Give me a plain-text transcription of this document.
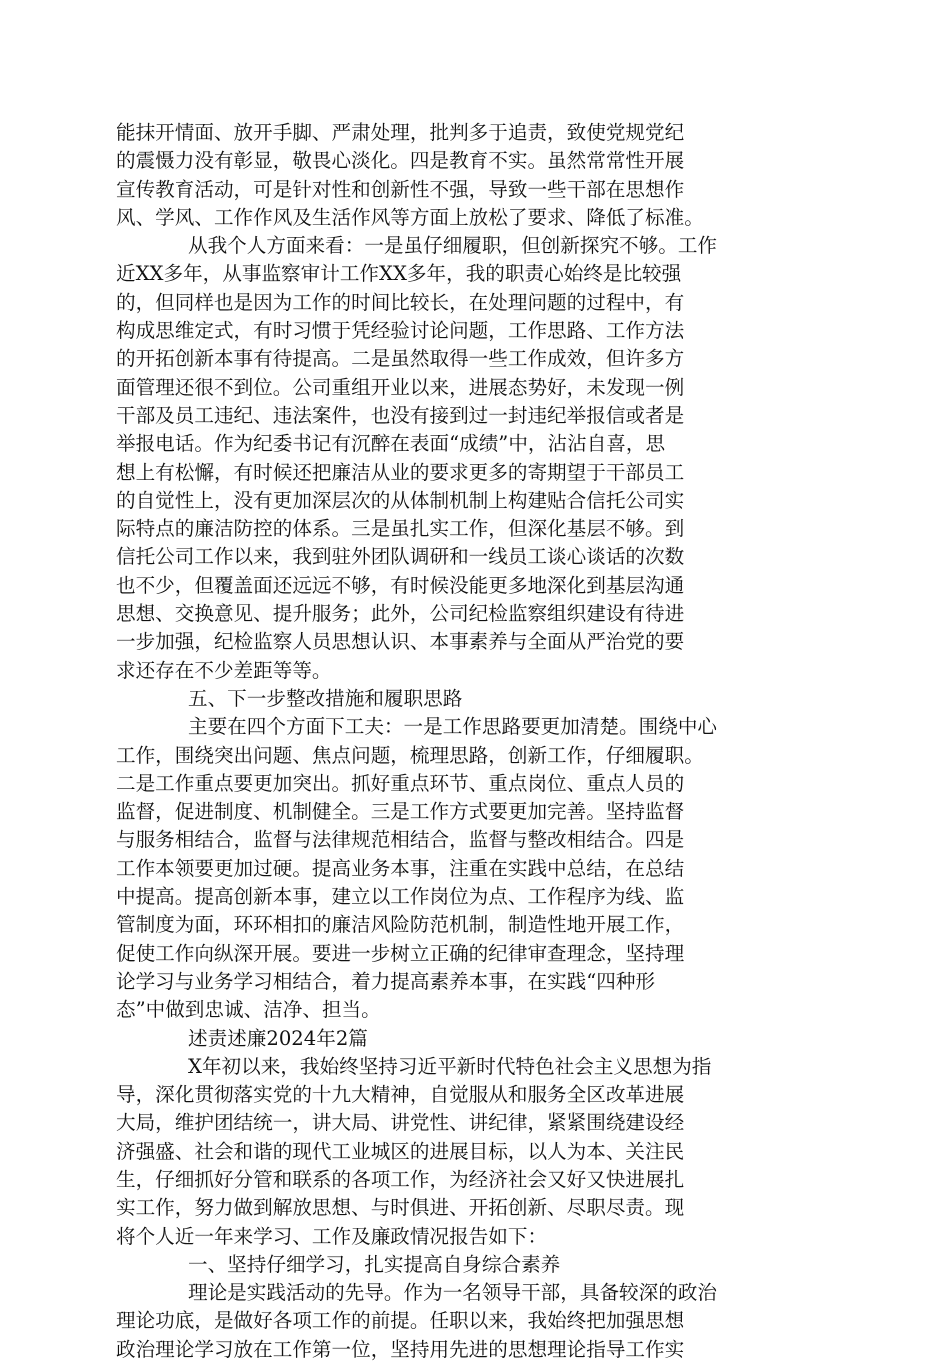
能抹开情面、放开手脚、严肃处理，批判多于追责，致使党规党纪
的震慑力没有彰显，敬畏心淡化。四是教育不实。虽然常常性开展
宣传教育活动，可是针对性和创新性不强，导致一些干部在思想作
风、学风、工作作风及生活作风等方面上放松了要求、降低了标准。
从我个人方面来看：一是虽仔细履职，但创新探究不够。工作
近XX多年，从事监察审计工作XX多年，我的职责心始终是比较强
的，但同样也是因为工作的时间比较长，在处理问题的过程中，有
构成思维定式，有时习惯于凭经验讨论问题，工作思路、工作方法
的开拓创新本事有待提高。二是虽然取得一些工作成效，但许多方
面管理还很不到位。公司重组开业以来，进展态势好，未发现一例
干部及员工违纪、违法案件，也没有接到过一封违纪举报信或者是
举报电话。作为纪委书记有沉醉在表面“成绩”中，沾沾自喜，思
想上有松懈，有时候还把廉洁从业的要求更多的寄期望于干部员工
的自觉性上，没有更加深层次的从体制机制上构建贴合信托公司实
际特点的廉洁防控的体系。三是虽扎实工作，但深化基层不够。到
信托公司工作以来，我到驻外团队调研和一线员工谈心谈话的次数
也不少，但覆盖面还远远不够，有时候没能更多地深化到基层沟通
思想、交换意见、提升服务；此外，公司纪检监察组织建设有待进
一步加强，纪检监察人员思想认识、本事素养与全面从严治党的要
求还存在不少差距等等。
五、下一步整改措施和履职思路
主要在四个方面下工夫：一是工作思路要更加清楚。围绕中心
工作，围绕突出问题、焦点问题，梳理思路，创新工作，仔细履职。
二是工作重点要更加突出。抓好重点环节、重点岗位、重点人员的
监督，促进制度、机制健全。三是工作方式要更加完善。坚持监督
与服务相结合，监督与法律规范相结合，监督与整改相结合。四是
工作本领要更加过硬。提高业务本事，注重在实践中总结，在总结
中提高。提高创新本事，建立以工作岗位为点、工作程序为线、监
管制度为面，环环相扣的廉洁风险防范机制，制造性地开展工作，
促使工作向纵深开展。要进一步树立正确的纪律审查理念，坚持理
论学习与业务学习相结合，着力提高素养本事，在实践“四种形
态”中做到忠诚、洁净、担当。
述责述廉2024年2篇
X年初以来，我始终坚持习近平新时代特色社会主义思想为指
导，深化贯彻落实党的十九大精神，自觉服从和服务全区改革进展
大局，维护团结统一，讲大局、讲党性、讲纪律，紧紧围绕建设经
济强盛、社会和谐的现代工业城区的进展目标，以人为本、关注民
生，仔细抓好分管和联系的各项工作，为经济社会又好又快进展扎
实工作，努力做到解放思想、与时俱进、开拓创新、尽职尽责。现
将个人近一年来学习、工作及廉政情况报告如下：
一、坚持仔细学习，扎实提高自身综合素养
理论是实践活动的先导。作为一名领导干部，具备较深的政治
理论功底，是做好各项工作的前提。任职以来，我始终把加强思想
政治理论学习放在工作第一位，坚持用先进的思想理论指导工作实
